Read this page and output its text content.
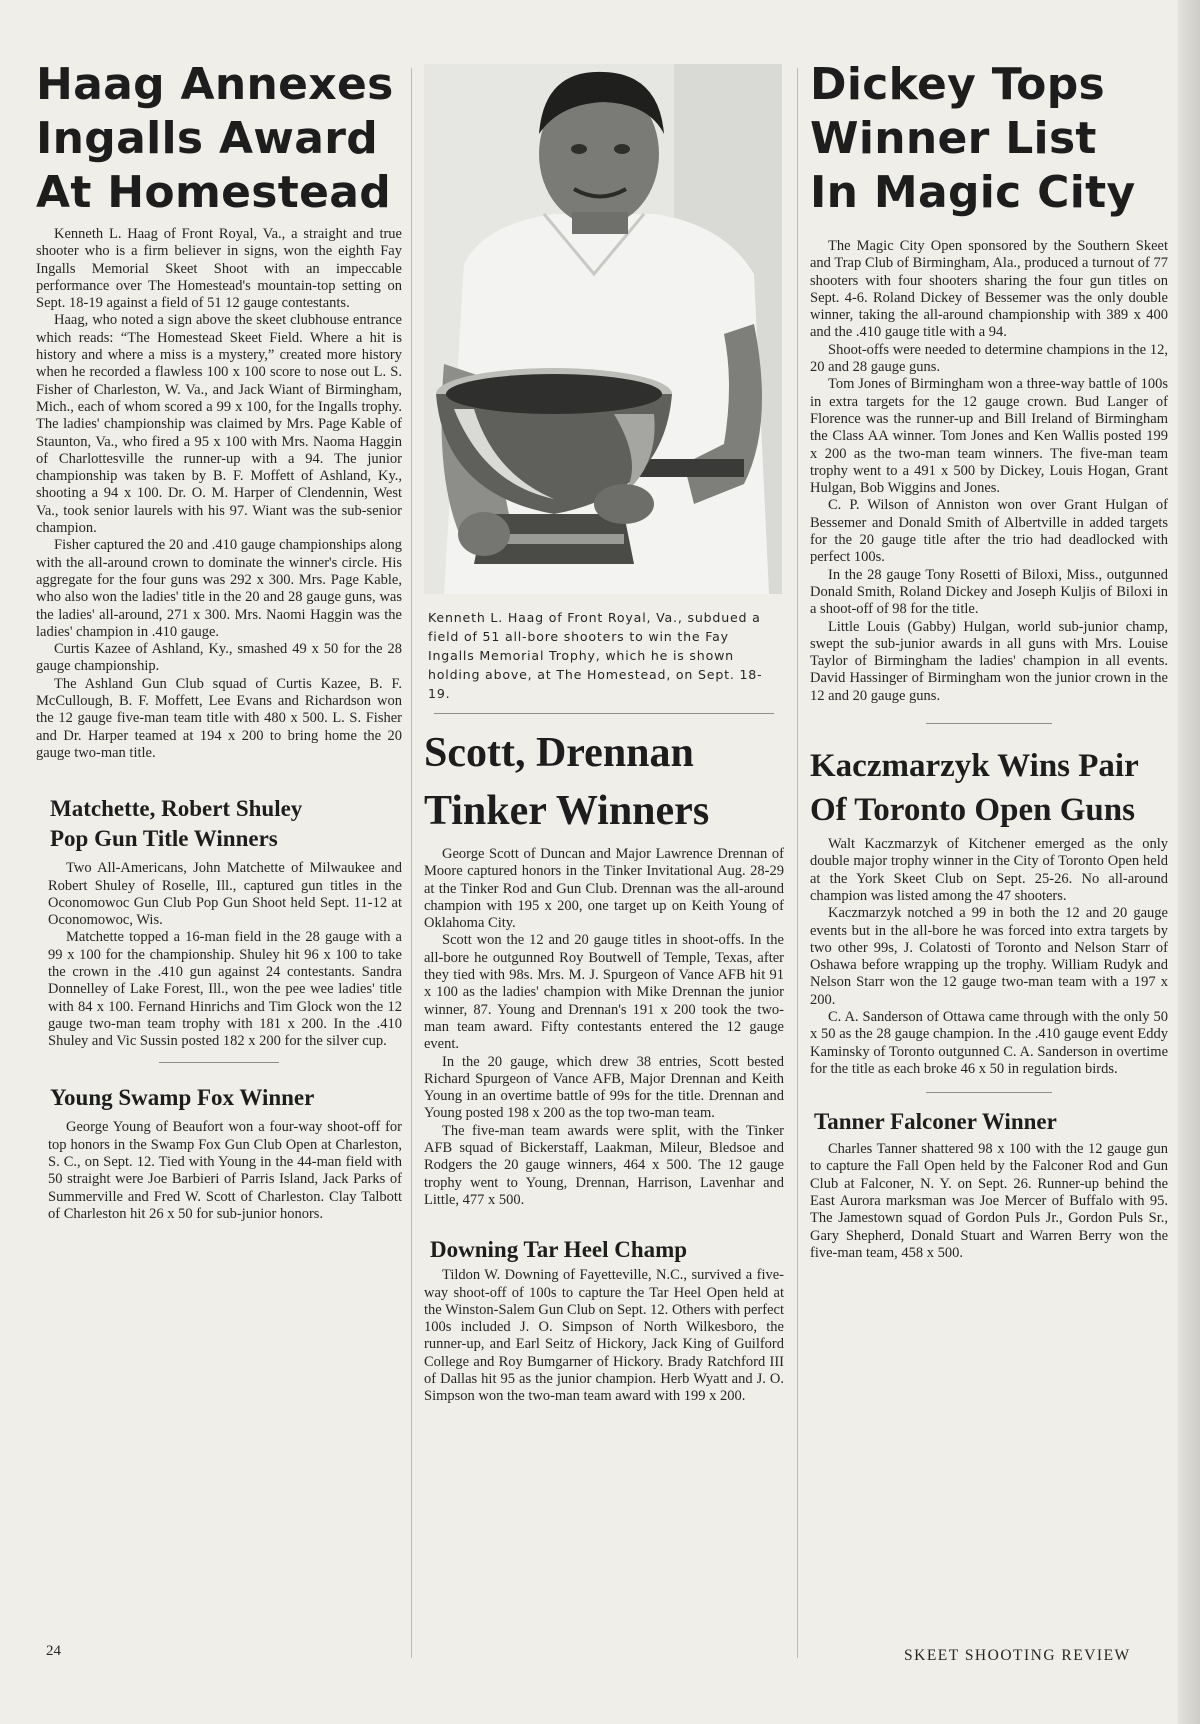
Haag Annexes
Ingalls Award
At Homestead

Kenneth L. Haag of Front Royal, Va., a straight and true shooter who is a firm believer in signs, won the eighth Fay Ingalls Memorial Skeet Shoot with an impeccable performance over The Homestead's mountain-top setting on Sept. 18-19 against a field of 51 12 gauge contestants.

Haag, who noted a sign above the skeet clubhouse entrance which reads: “The Homestead Skeet Field. Where a hit is history and where a miss is a mystery,” created more history when he recorded a flawless 100 x 100 score to nose out L. S. Fisher of Charleston, W. Va., and Jack Wiant of Birmingham, Mich., each of whom scored a 99 x 100, for the Ingalls trophy. The ladies' championship was claimed by Mrs. Page Kable of Staunton, Va., who fired a 95 x 100 with Mrs. Naoma Haggin of Charlottesville the runner-up with a 94. The junior championship was taken by B. F. Moffett of Ashland, Ky., shooting a 94 x 100. Dr. O. M. Harper of Clendennin, West Va., took senior laurels with his 97. Wiant was the sub-senior champion.

Fisher captured the 20 and .410 gauge championships along with the all-around crown to dominate the winner's circle. His aggregate for the four guns was 292 x 300. Mrs. Page Kable, who also won the ladies' title in the 20 and 28 gauge guns, was the ladies' all-around, 271 x 300. Mrs. Naomi Haggin was the ladies' champion in .410 gauge.

Curtis Kazee of Ashland, Ky., smashed 49 x 50 for the 28 gauge championship.

The Ashland Gun Club squad of Curtis Kazee, B. F. McCullough, B. F. Moffett, Lee Evans and Richardson won the 12 gauge five-man team title with 480 x 500. L. S. Fisher and Dr. Harper teamed at 194 x 200 to bring home the 20 gauge two-man title.

Matchette, Robert Shuley
Pop Gun Title Winners

Two All-Americans, John Matchette of Milwaukee and Robert Shuley of Roselle, Ill., captured gun titles in the Oconomowoc Gun Club Pop Gun Shoot held Sept. 11-12 at Oconomowoc, Wis.

Matchette topped a 16-man field in the 28 gauge with a 99 x 100 for the championship. Shuley hit 96 x 100 to take the crown in the .410 gun against 24 contestants. Sandra Donnelley of Lake Forest, Ill., won the pee wee ladies' title with 84 x 100. Fernand Hinrichs and Tim Glock won the 12 gauge two-man team trophy with 181 x 200. In the .410 Shuley and Vic Sussin posted 182 x 200 for the silver cup.

Young Swamp Fox Winner

George Young of Beaufort won a four-way shoot-off for top honors in the Swamp Fox Gun Club Open at Charleston, S. C., on Sept. 12. Tied with Young in the 44-man field with 50 straight were Joe Barbieri of Parris Island, Jack Parks of Summerville and Fred W. Scott of Charleston. Clay Talbott of Charleston hit 26 x 50 for sub-junior honors.

Kenneth L. Haag of Front Royal, Va., subdued a field of 51 all-bore shooters to win the Fay Ingalls Memorial Trophy, which he is shown holding above, at The Homestead, on Sept. 18-19.
Scott, Drennan
Tinker Winners

George Scott of Duncan and Major Lawrence Drennan of Moore captured honors in the Tinker Invitational Aug. 28-29 at the Tinker Rod and Gun Club. Drennan was the all-around champion with 195 x 200, one target up on Keith Young of Oklahoma City.

Scott won the 12 and 20 gauge titles in shoot-offs. In the all-bore he outgunned Roy Boutwell of Temple, Texas, after they tied with 98s. Mrs. M. J. Spurgeon of Vance AFB hit 91 x 100 as the ladies' champion with Mike Drennan the junior winner, 87. Young and Drennan's 191 x 200 took the two-man team award. Fifty contestants entered the 12 gauge event.

In the 20 gauge, which drew 38 entries, Scott bested Richard Spurgeon of Vance AFB, Major Drennan and Keith Young in an overtime battle of 99s for the title. Drennan and Young posted 198 x 200 as the top two-man team.

The five-man team awards were split, with the Tinker AFB squad of Bickerstaff, Laakman, Mileur, Bledsoe and Rodgers the 20 gauge winners, 464 x 500. The 12 gauge trophy went to Young, Drennan, Harrison, Lavenhar and Little, 477 x 500.

Downing Tar Heel Champ

Tildon W. Downing of Fayetteville, N.C., survived a five-way shoot-off of 100s to capture the Tar Heel Open held at the Winston-Salem Gun Club on Sept. 12. Others with perfect 100s included J. O. Simpson of North Wilkesboro, the runner-up, and Earl Seitz of Hickory, Jack King of Guilford College and Roy Bumgarner of Hickory. Brady Ratchford III of Dallas hit 95 as the junior champion. Herb Wyatt and J. O. Simpson won the two-man team award with 199 x 200.

Dickey Tops
Winner List
In Magic City

The Magic City Open sponsored by the Southern Skeet and Trap Club of Birmingham, Ala., produced a turnout of 77 shooters with four shooters sharing the four gun titles on Sept. 4-6. Roland Dickey of Bessemer was the only double winner, taking the all-around championship with 389 x 400 and the .410 gauge title with a 94.

Shoot-offs were needed to determine champions in the 12, 20 and 28 gauge guns.

Tom Jones of Birmingham won a three-way battle of 100s in extra targets for the 12 gauge crown. Bud Langer of Florence was the runner-up and Bill Ireland of Birmingham the Class AA winner. Tom Jones and Ken Wallis posted 199 x 200 as the two-man team winners. The five-man team trophy went to a 491 x 500 by Dickey, Louis Hogan, Grant Hulgan, Bob Wiggins and Jones.

C. P. Wilson of Anniston won over Grant Hulgan of Bessemer and Donald Smith of Albertville in added targets for the 20 gauge title after the trio had deadlocked with perfect 100s.

In the 28 gauge Tony Rosetti of Biloxi, Miss., outgunned Donald Smith, Roland Dickey and Joseph Kuljis of Biloxi in a shoot-off of 98 for the title.

Little Louis (Gabby) Hulgan, world sub-junior champ, swept the sub-junior awards in all guns with Mrs. Louise Taylor of Birmingham the ladies' champion in all events. David Hassinger of Birmingham won the junior crown in the 12 and 20 gauge guns.

Kaczmarzyk Wins Pair
Of Toronto Open Guns

Walt Kaczmarzyk of Kitchener emerged as the only double major trophy winner in the City of Toronto Open held at the York Skeet Club on Sept. 25-26. No all-around champion was listed among the 47 shooters.

Kaczmarzyk notched a 99 in both the 12 and 20 gauge events but in the all-bore he was forced into extra targets by two other 99s, J. Colatosti of Toronto and Nelson Starr of Oshawa before wrapping up the trophy. William Rudyk and Nelson Starr won the 12 gauge two-man team with a 197 x 200.

C. A. Sanderson of Ottawa came through with the only 50 x 50 as the 28 gauge champion. In the .410 gauge event Eddy Kaminsky of Toronto outgunned C. A. Sanderson in overtime for the title as each broke 46 x 50 in regulation birds.

Tanner Falconer Winner

Charles Tanner shattered 98 x 100 with the 12 gauge gun to capture the Fall Open held by the Falconer Rod and Gun Club at Falconer, N. Y. on Sept. 26. Runner-up behind the East Aurora marksman was Joe Mercer of Buffalo with 95. The Jamestown squad of Gordon Puls Jr., Gordon Puls Sr., Gary Shepherd, Donald Stuart and Warren Berry won the five-man team, 458 x 500.

24	SKEET SHOOTING REVIEW
